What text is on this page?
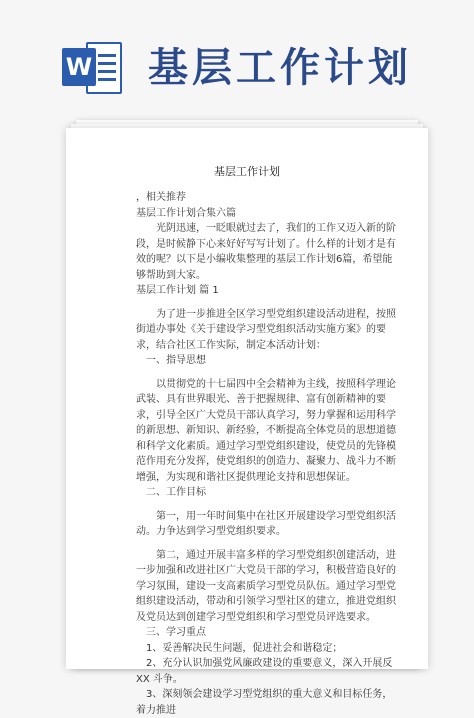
W 基层工作计划
基层工作计划

，相关推荐

基层工作计划合集六篇

光阴迅速，一眨眼就过去了，我们的工作又迈入新的阶段，是时候静下心来好好写写计划了。什么样的计划才是有效的呢？以下是小编收集整理的基层工作计划6篇，希望能够帮助到大家。

基层工作计划 篇 1

为了进一步推进全区学习型党组织建设活动进程，按照街道办事处《关于建设学习型党组织活动实施方案》的要求，结合社区工作实际，制定本活动计划：

一、指导思想

以贯彻党的十七届四中全会精神为主线，按照科学理论武装、具有世界眼光、善于把握规律、富有创新精神的要求，引导全区广大党员干部认真学习，努力掌握和运用科学的新思想、新知识、新经验，不断提高全体党员的思想道德和科学文化素质。通过学习型党组织建设，使党员的先锋模范作用充分发挥，使党组织的创造力、凝聚力、战斗力不断增强，为实现和谐社区提供理论支持和思想保证。

二、工作目标

第一，用一年时间集中在社区开展建设学习型党组织活动。力争达到学习型党组织要求。

第二，通过开展丰富多样的学习型党组织创建活动，进一步加强和改进社区广大党员干部的学习，积极营造良好的学习氛围，建设一支高素质学习型党员队伍。通过学习型党组织建设活动，带动和引领学习型社区的建立，推进党组织及党员达到创建学习型党组织和学习型党员评选要求。

三、学习重点

1、妥善解决民生问题，促进社会和谐稳定；

2、充分认识加强党风廉政建设的重要意义，深入开展反 XX 斗争。

3、深刻领会建设学习型党组织的重大意义和目标任务，着力推进
